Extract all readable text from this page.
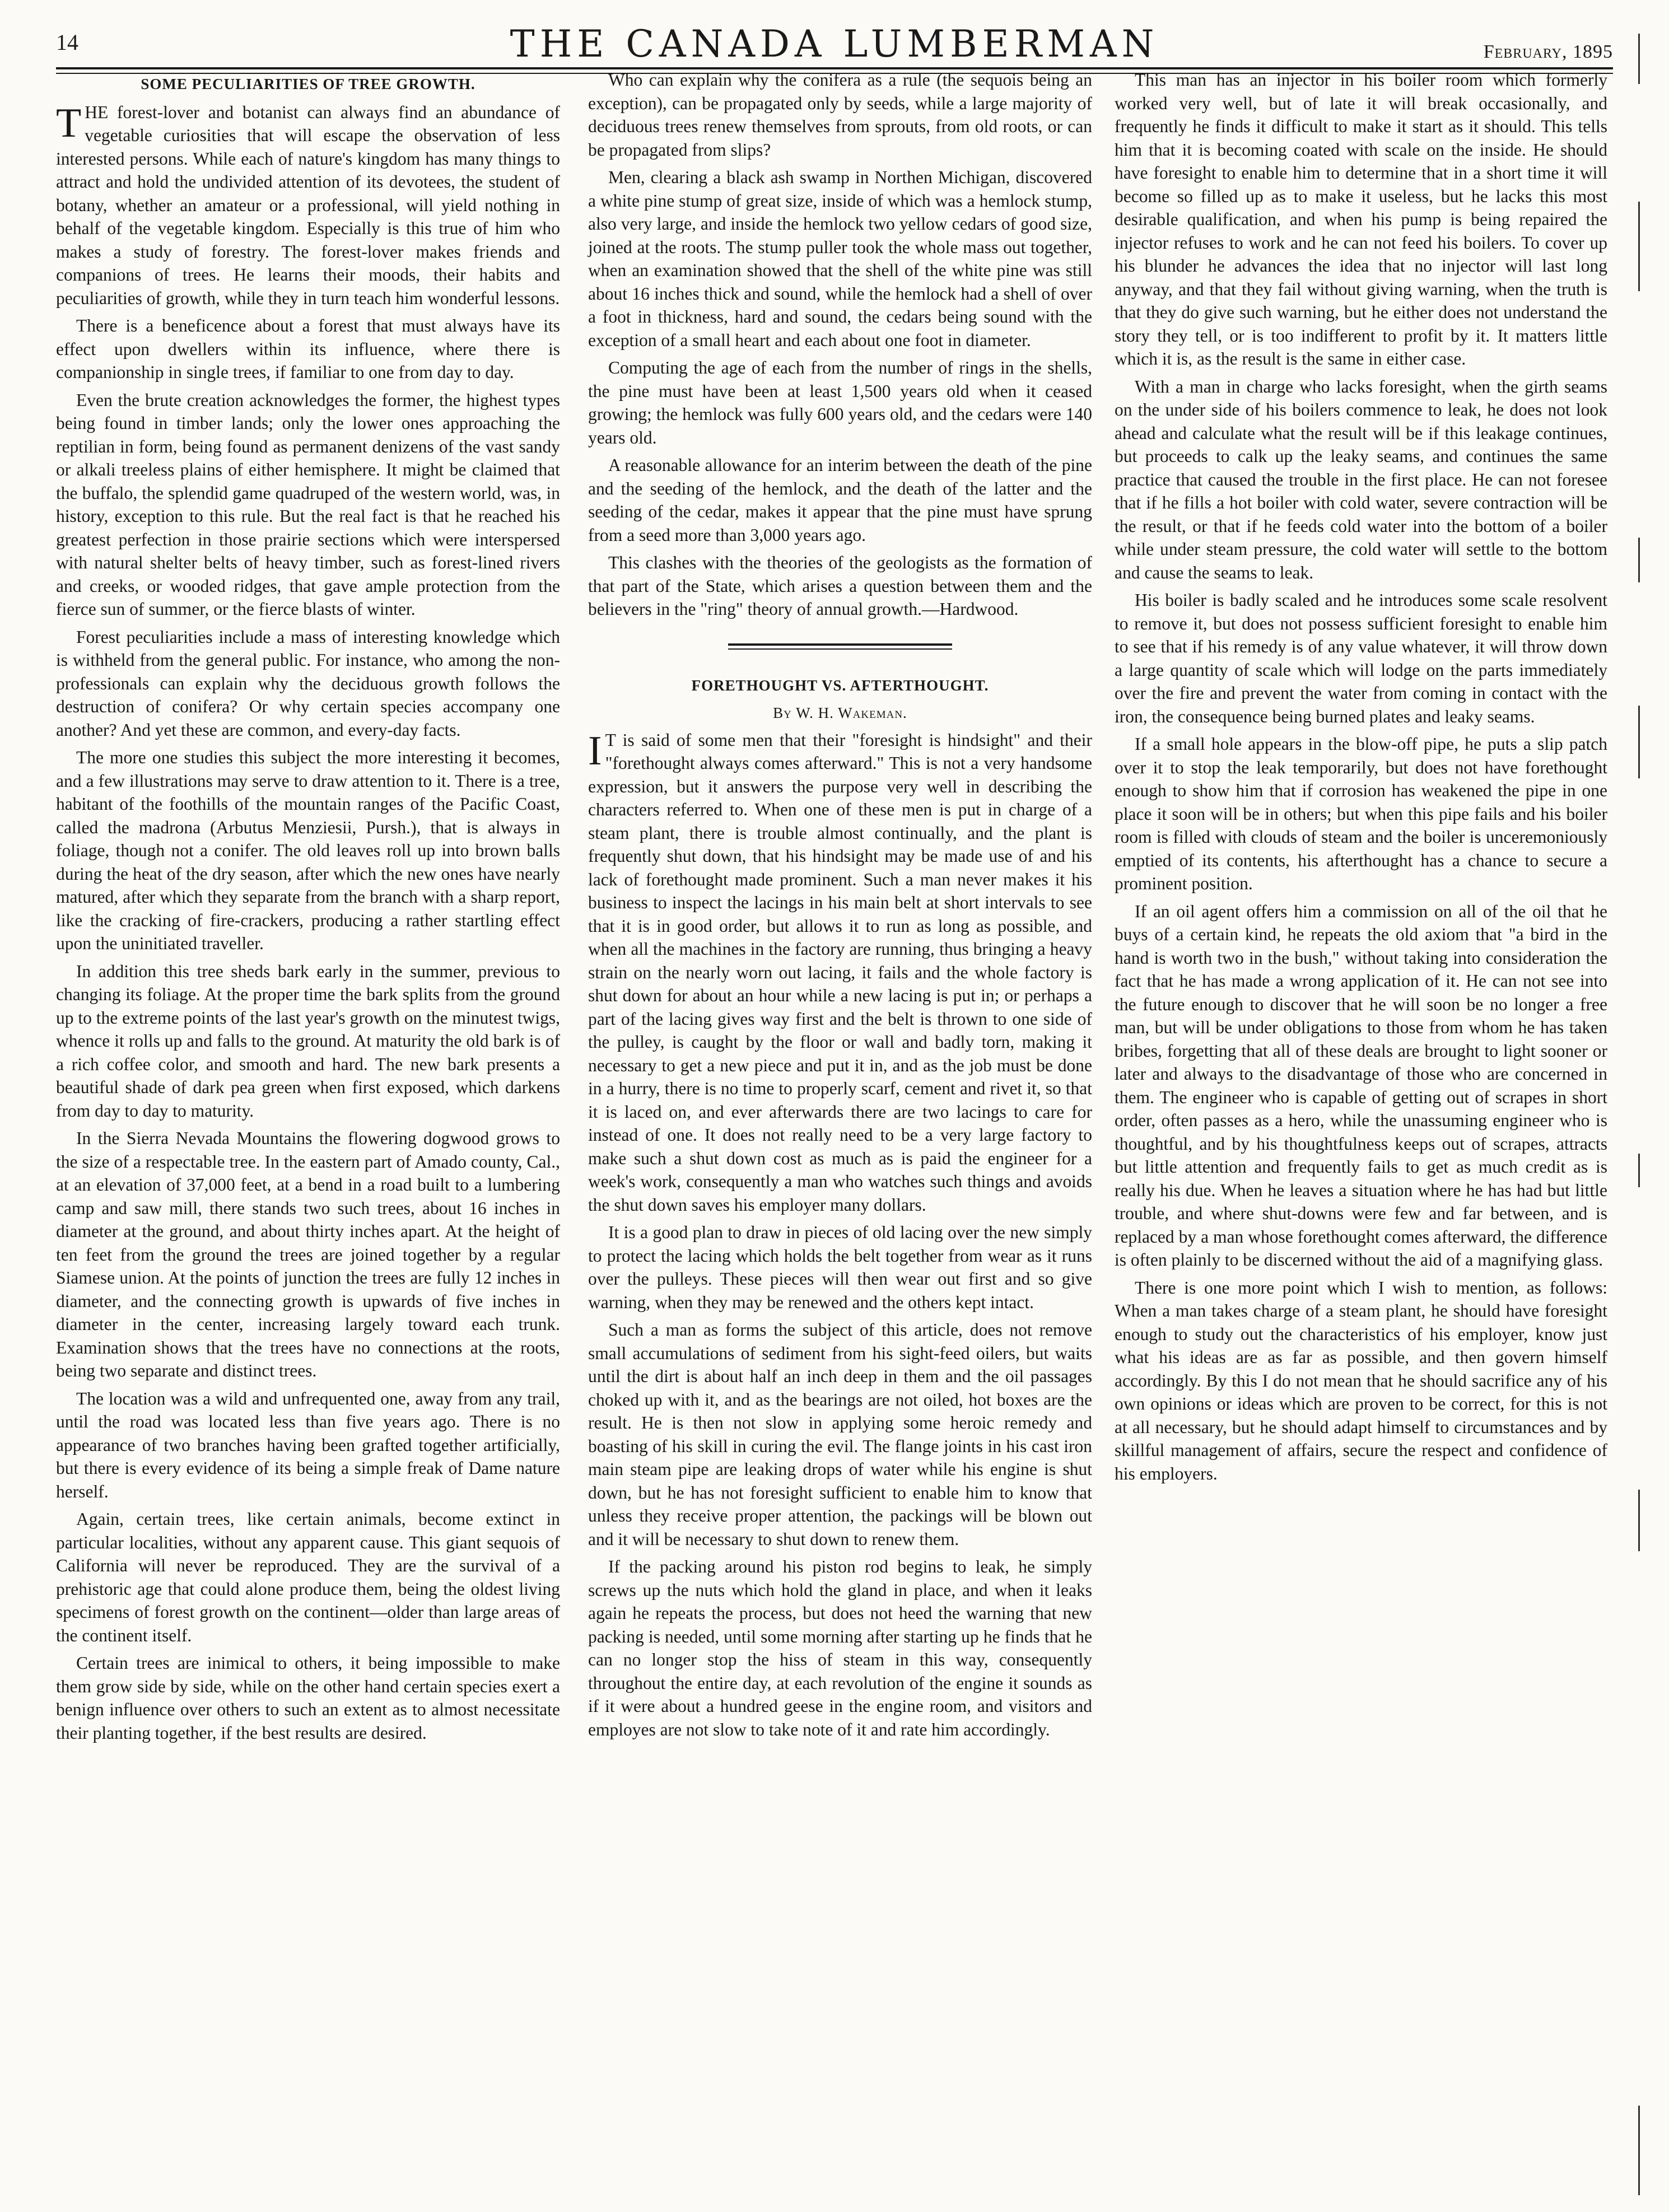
14	THE CANADA LUMBERMAN	February, 1895
SOME PECULIARITIES OF TREE GROWTH.

THE forest-lover and botanist can always find an abundance of vegetable curiosities that will escape the observation of less interested persons. While each of nature's kingdom has many things to attract and hold the undivided attention of its devotees, the student of botany, whether an amateur or a professional, will yield nothing in behalf of the vegetable kingdom. Especially is this true of him who makes a study of forestry. The forest-lover makes friends and companions of trees. He learns their moods, their habits and peculiarities of growth, while they in turn teach him wonderful lessons.

There is a beneficence about a forest that must always have its effect upon dwellers within its influence, where there is companionship in single trees, if familiar to one from day to day.

Even the brute creation acknowledges the former, the highest types being found in timber lands; only the lower ones approaching the reptilian in form, being found as permanent denizens of the vast sandy or alkali treeless plains of either hemisphere. It might be claimed that the buffalo, the splendid game quadruped of the western world, was, in history, exception to this rule. But the real fact is that he reached his greatest perfection in those prairie sections which were interspersed with natural shelter belts of heavy timber, such as forest-lined rivers and creeks, or wooded ridges, that gave ample protection from the fierce sun of summer, or the fierce blasts of winter.

Forest peculiarities include a mass of interesting knowledge which is withheld from the general public. For instance, who among the non-professionals can explain why the deciduous growth follows the destruction of conifera? Or why certain species accompany one another? And yet these are common, and every-day facts.

The more one studies this subject the more interesting it becomes, and a few illustrations may serve to draw attention to it. There is a tree, habitant of the foothills of the mountain ranges of the Pacific Coast, called the madrona (Arbutus Menziesii, Pursh.), that is always in foliage, though not a conifer. The old leaves roll up into brown balls during the heat of the dry season, after which the new ones have nearly matured, after which they separate from the branch with a sharp report, like the cracking of fire-crackers, producing a rather startling effect upon the uninitiated traveller.

In addition this tree sheds bark early in the summer, previous to changing its foliage. At the proper time the bark splits from the ground up to the extreme points of the last year's growth on the minutest twigs, whence it rolls up and falls to the ground. At maturity the old bark is of a rich coffee color, and smooth and hard. The new bark presents a beautiful shade of dark pea green when first exposed, which darkens from day to day to maturity.

In the Sierra Nevada Mountains the flowering dogwood grows to the size of a respectable tree. In the eastern part of Amado county, Cal., at an elevation of 37,000 feet, at a bend in a road built to a lumbering camp and saw mill, there stands two such trees, about 16 inches in diameter at the ground, and about thirty inches apart. At the height of ten feet from the ground the trees are joined together by a regular Siamese union. At the points of junction the trees are fully 12 inches in diameter, and the connecting growth is upwards of five inches in diameter in the center, increasing largely toward each trunk. Examination shows that the trees have no connections at the roots, being two separate and distinct trees.

The location was a wild and unfrequented one, away from any trail, until the road was located less than five years ago. There is no appearance of two branches having been grafted together artificially, but there is every evidence of its being a simple freak of Dame nature herself.

Again, certain trees, like certain animals, become extinct in particular localities, without any apparent cause. This giant sequois of California will never be reproduced. They are the survival of a prehistoric age that could alone produce them, being the oldest living specimens of forest growth on the continent—older than large areas of the continent itself.

Certain trees are inimical to others, it being impossible to make them grow side by side, while on the other hand certain species exert a benign influence over others to such an extent as to almost necessitate their planting together, if the best results are desired.

Who can explain why the conifera as a rule (the sequois being an exception), can be propagated only by seeds, while a large majority of deciduous trees renew themselves from sprouts, from old roots, or can be propagated from slips?

Men, clearing a black ash swamp in Northen Michigan, discovered a white pine stump of great size, inside of which was a hemlock stump, also very large, and inside the hemlock two yellow cedars of good size, joined at the roots. The stump puller took the whole mass out together, when an examination showed that the shell of the white pine was still about 16 inches thick and sound, while the hemlock had a shell of over a foot in thickness, hard and sound, the cedars being sound with the exception of a small heart and each about one foot in diameter.

Computing the age of each from the number of rings in the shells, the pine must have been at least 1,500 years old when it ceased growing; the hemlock was fully 600 years old, and the cedars were 140 years old.

A reasonable allowance for an interim between the death of the pine and the seeding of the hemlock, and the death of the latter and the seeding of the cedar, makes it appear that the pine must have sprung from a seed more than 3,000 years ago.

This clashes with the theories of the geologists as the formation of that part of the State, which arises a question between them and the believers in the "ring" theory of annual growth.—Hardwood.

FORETHOUGHT VS. AFTERTHOUGHT.
By W. H. Wakeman.

I T is said of some men that their "foresight is hindsight" and their "forethought always comes afterward." This is not a very handsome expression, but it answers the purpose very well in describing the characters referred to. When one of these men is put in charge of a steam plant, there is trouble almost continually, and the plant is frequently shut down, that his hindsight may be made use of and his lack of forethought made prominent. Such a man never makes it his business to inspect the lacings in his main belt at short intervals to see that it is in good order, but allows it to run as long as possible, and when all the machines in the factory are running, thus bringing a heavy strain on the nearly worn out lacing, it fails and the whole factory is shut down for about an hour while a new lacing is put in; or perhaps a part of the lacing gives way first and the belt is thrown to one side of the pulley, is caught by the floor or wall and badly torn, making it necessary to get a new piece and put it in, and as the job must be done in a hurry, there is no time to properly scarf, cement and rivet it, so that it is laced on, and ever afterwards there are two lacings to care for instead of one. It does not really need to be a very large factory to make such a shut down cost as much as is paid the engineer for a week's work, consequently a man who watches such things and avoids the shut down saves his employer many dollars.

It is a good plan to draw in pieces of old lacing over the new simply to protect the lacing which holds the belt together from wear as it runs over the pulleys. These pieces will then wear out first and so give warning, when they may be renewed and the others kept intact.

Such a man as forms the subject of this article, does not remove small accumulations of sediment from his sight-feed oilers, but waits until the dirt is about half an inch deep in them and the oil passages choked up with it, and as the bearings are not oiled, hot boxes are the result. He is then not slow in applying some heroic remedy and boasting of his skill in curing the evil. The flange joints in his cast iron main steam pipe are leaking drops of water while his engine is shut down, but he has not foresight sufficient to enable him to know that unless they receive proper attention, the packings will be blown out and it will be necessary to shut down to renew them.

If the packing around his piston rod begins to leak, he simply screws up the nuts which hold the gland in place, and when it leaks again he repeats the process, but does not heed the warning that new packing is needed, until some morning after starting up he finds that he can no longer stop the hiss of steam in this way, consequently throughout the entire day, at each revolution of the engine it sounds as if it were about a hundred geese in the engine room, and visitors and employes are not slow to take note of it and rate him accordingly.

This man has an injector in his boiler room which formerly worked very well, but of late it will break occasionally, and frequently he finds it difficult to make it start as it should. This tells him that it is becoming coated with scale on the inside. He should have foresight to enable him to determine that in a short time it will become so filled up as to make it useless, but he lacks this most desirable qualification, and when his pump is being repaired the injector refuses to work and he can not feed his boilers. To cover up his blunder he advances the idea that no injector will last long anyway, and that they fail without giving warning, when the truth is that they do give such warning, but he either does not understand the story they tell, or is too indifferent to profit by it. It matters little which it is, as the result is the same in either case.

With a man in charge who lacks foresight, when the girth seams on the under side of his boilers commence to leak, he does not look ahead and calculate what the result will be if this leakage continues, but proceeds to calk up the leaky seams, and continues the same practice that caused the trouble in the first place. He can not foresee that if he fills a hot boiler with cold water, severe contraction will be the result, or that if he feeds cold water into the bottom of a boiler while under steam pressure, the cold water will settle to the bottom and cause the seams to leak.

His boiler is badly scaled and he introduces some scale resolvent to remove it, but does not possess sufficient foresight to enable him to see that if his remedy is of any value whatever, it will throw down a large quantity of scale which will lodge on the parts immediately over the fire and prevent the water from coming in contact with the iron, the consequence being burned plates and leaky seams.

If a small hole appears in the blow-off pipe, he puts a slip patch over it to stop the leak temporarily, but does not have forethought enough to show him that if corrosion has weakened the pipe in one place it soon will be in others; but when this pipe fails and his boiler room is filled with clouds of steam and the boiler is unceremoniously emptied of its contents, his afterthought has a chance to secure a prominent position.

If an oil agent offers him a commission on all of the oil that he buys of a certain kind, he repeats the old axiom that "a bird in the hand is worth two in the bush," without taking into consideration the fact that he has made a wrong application of it. He can not see into the future enough to discover that he will soon be no longer a free man, but will be under obligations to those from whom he has taken bribes, forgetting that all of these deals are brought to light sooner or later and always to the disadvantage of those who are concerned in them. The engineer who is capable of getting out of scrapes in short order, often passes as a hero, while the unassuming engineer who is thoughtful, and by his thoughtfulness keeps out of scrapes, attracts but little attention and frequently fails to get as much credit as is really his due. When he leaves a situation where he has had but little trouble, and where shut-downs were few and far between, and is replaced by a man whose forethought comes afterward, the difference is often plainly to be discerned without the aid of a magnifying glass.

There is one more point which I wish to mention, as follows: When a man takes charge of a steam plant, he should have foresight enough to study out the characteristics of his employer, know just what his ideas are as far as possible, and then govern himself accordingly. By this I do not mean that he should sacrifice any of his own opinions or ideas which are proven to be correct, for this is not at all necessary, but he should adapt himself to circumstances and by skillful management of affairs, secure the respect and confidence of his employers.
